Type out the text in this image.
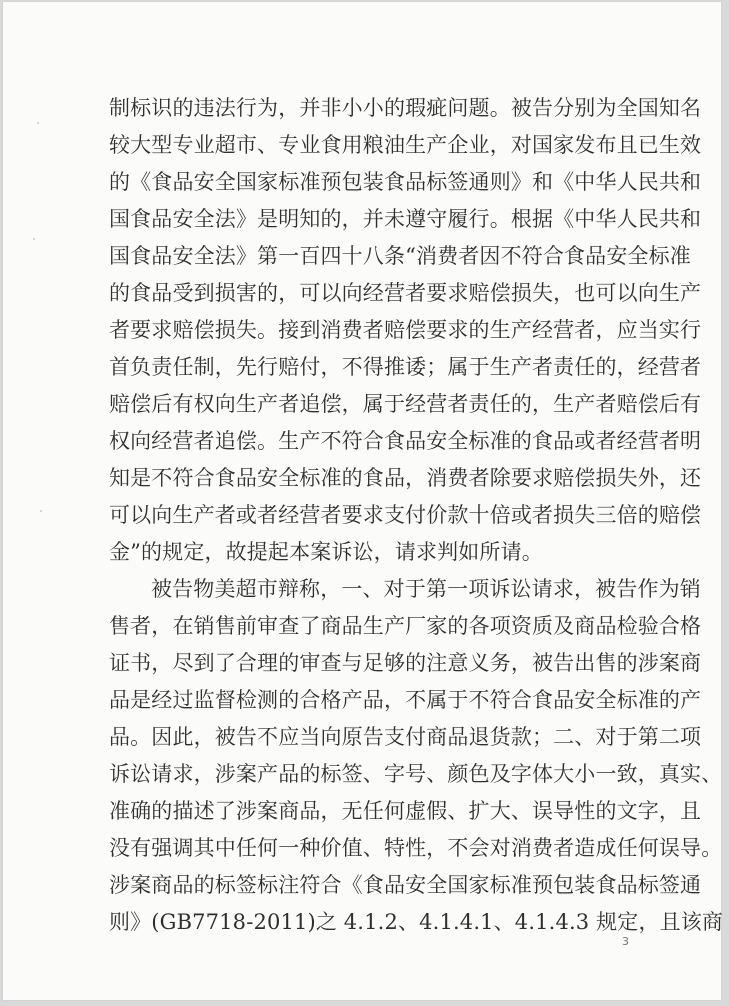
制标识的违法行为，并非小小的瑕疵问题。被告分别为全国知名
较大型专业超市、专业食用粮油生产企业，对国家发布且已生效
的《食品安全国家标准预包装食品标签通则》和《中华人民共和
国食品安全法》是明知的，并未遵守履行。根据《中华人民共和
国食品安全法》第一百四十八条“消费者因不符合食品安全标准
的食品受到损害的，可以向经营者要求赔偿损失，也可以向生产
者要求赔偿损失。接到消费者赔偿要求的生产经营者，应当实行
首负责任制，先行赔付，不得推诿；属于生产者责任的，经营者
赔偿后有权向生产者追偿，属于经营者责任的，生产者赔偿后有
权向经营者追偿。生产不符合食品安全标准的食品或者经营者明
知是不符合食品安全标准的食品，消费者除要求赔偿损失外，还
可以向生产者或者经营者要求支付价款十倍或者损失三倍的赔偿
金”的规定，故提起本案诉讼，请求判如所请。
被告物美超市辩称，一、对于第一项诉讼请求，被告作为销
售者，在销售前审查了商品生产厂家的各项资质及商品检验合格
证书，尽到了合理的审查与足够的注意义务，被告出售的涉案商
品是经过监督检测的合格产品，不属于不符合食品安全标准的产
品。因此，被告不应当向原告支付商品退货款；二、对于第二项
诉讼请求，涉案产品的标签、字号、颜色及字体大小一致，真实、
准确的描述了涉案商品，无任何虚假、扩大、误导性的文字，且
没有强调其中任何一种价值、特性，不会对消费者造成任何误导。
涉案商品的标签标注符合《食品安全国家标准预包装食品标签通
则》(GB7718-2011)之 4.1.2、4.1.4.1、4.1.4.3 规定，且该商
3
